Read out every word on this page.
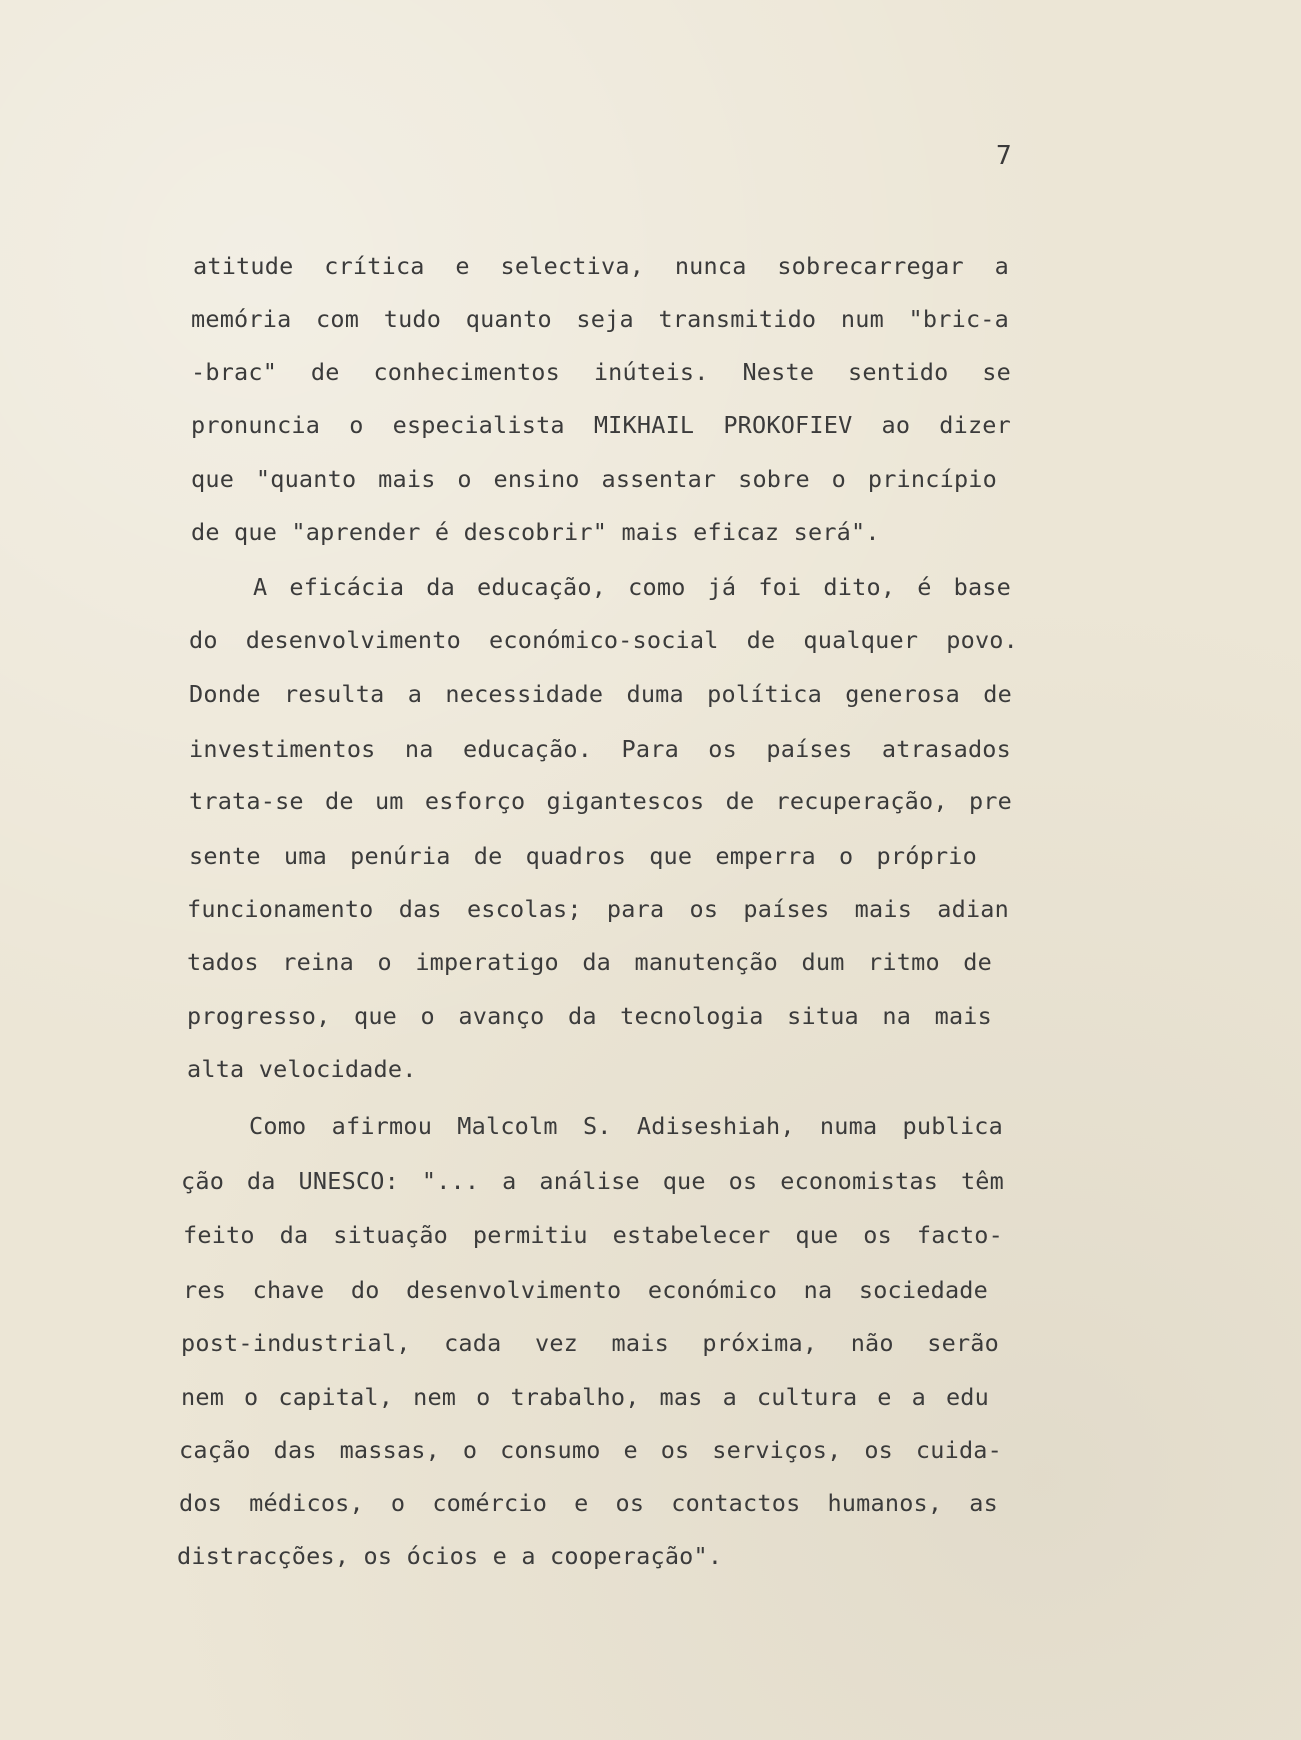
7

atitude crítica e selectiva, nunca sobrecarregar a

memória com tudo quanto seja transmitido num "bric-a

-brac" de conhecimentos inúteis. Neste sentido se

pronuncia o especialista MIKHAIL PROKOFIEV ao dizer

que "quanto mais o ensino assentar sobre o princípio

de que "aprender é descobrir" mais eficaz será".

A eficácia da educação, como já foi dito, é base

do desenvolvimento económico-social de qualquer povo.

Donde resulta a necessidade duma política generosa de

investimentos na educação. Para os países atrasados

trata-se de um esforço gigantescos de recuperação, pre

sente uma penúria de quadros que emperra o próprio

funcionamento das escolas; para os países mais adian

tados reina o imperatigo da manutenção dum ritmo de

progresso, que o avanço da tecnologia situa na mais

alta velocidade.

Como afirmou Malcolm S. Adiseshiah, numa publica

ção da UNESCO: "... a análise que os economistas têm

feito da situação permitiu estabelecer que os facto-

res chave do desenvolvimento económico na sociedade

post-industrial, cada vez mais próxima, não serão

nem o capital, nem o trabalho, mas a cultura e a edu

cação das massas, o consumo e os serviços, os cuida-

dos médicos, o comércio e os contactos humanos, as

distracções, os ócios e a cooperação".
